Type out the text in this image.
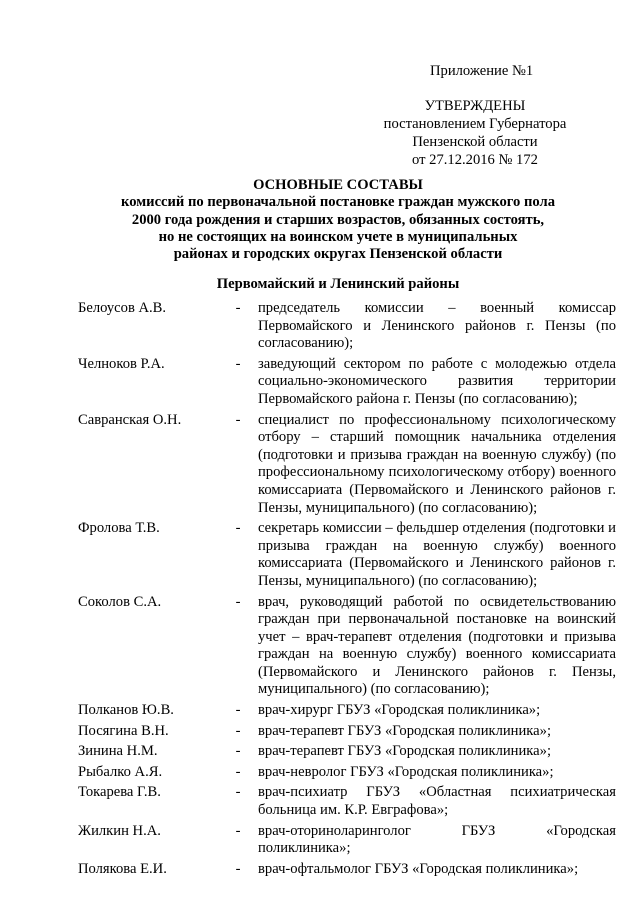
Приложение №1
УТВЕРЖДЕНЫ
постановлением Губернатора
Пензенской области
от 27.12.2016 № 172
ОСНОВНЫЕ СОСТАВЫ
комиссий по первоначальной постановке граждан мужского пола
2000 года рождения и старших возрастов, обязанных состоять,
но не состоящих на воинском учете в муниципальных
районах и городских округах Пензенской области
Первомайский и Ленинский районы
Белоусов А.В.	-	председатель комиссии – военный комиссар Первомайского и Ленинского районов г. Пензы (по согласованию);
Челноков Р.А.	-	заведующий сектором по работе с молодежью отдела социально-экономического развития территории Первомайского района г. Пензы (по согласованию);
Савранская О.Н.	-	специалист по профессиональному психологическому отбору – старший помощник начальника отделения (подготовки и призыва граждан на военную службу) (по профессиональному психологическому отбору) военного комиссариата (Первомайского и Ленинского районов г. Пензы, муниципального) (по согласованию);
Фролова Т.В.	-	секретарь комиссии – фельдшер отделения (подготовки и призыва граждан на военную службу) военного комиссариата (Первомайского и Ленинского районов г. Пензы, муниципального) (по согласованию);
Соколов С.А.	-	врач, руководящий работой по освидетельствованию граждан при первоначальной постановке на воинский учет – врач-терапевт отделения (подготовки и призыва граждан на военную службу) военного комиссариата (Первомайского и Ленинского районов г. Пензы, муниципального) (по согласованию);
Полканов Ю.В.	-	врач-хирург ГБУЗ «Городская поликлиника»;
Посягина В.Н.	-	врач-терапевт ГБУЗ «Городская поликлиника»;
Зинина Н.М.	-	врач-терапевт ГБУЗ «Городская поликлиника»;
Рыбалко А.Я.	-	врач-невролог ГБУЗ «Городская поликлиника»;
Токарева Г.В.	-	врач-психиатр ГБУЗ «Областная психиатрическая больница им. К.Р. Евграфова»;
Жилкин Н.А.	-	врач-оториноларинголог ГБУЗ «Городская поликлиника»;
Полякова Е.И.	-	врач-офтальмолог ГБУЗ «Городская поликлиника»;
